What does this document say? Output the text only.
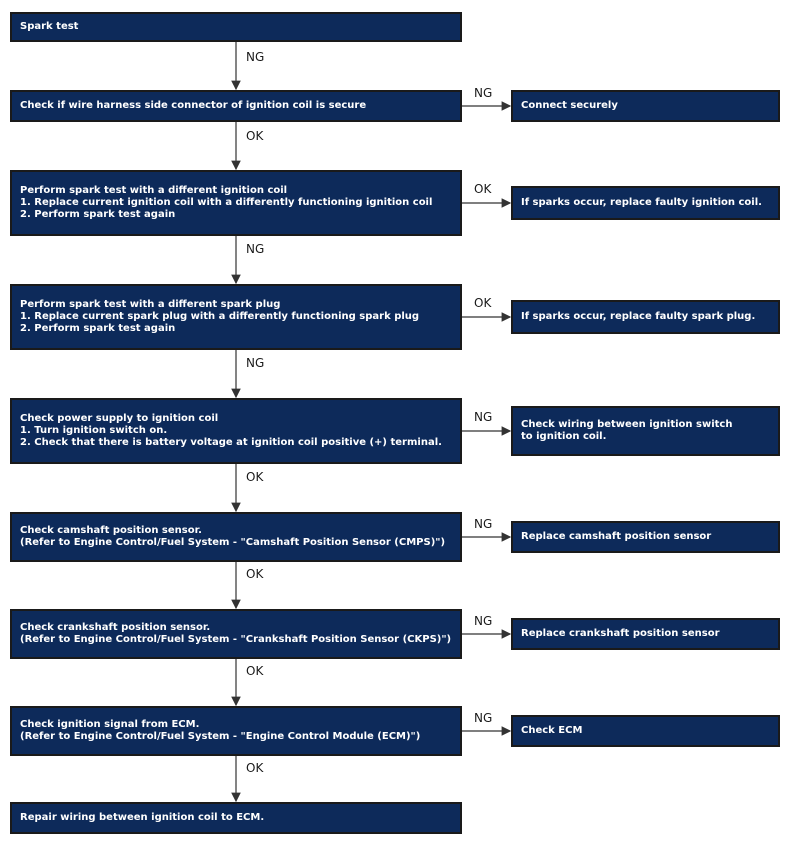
Spark test
Check if wire harness side connector of ignition coil is secure
Perform spark test with a different ignition coil
1. Replace current ignition coil with a differently functioning ignition coil
2. Perform spark test again
Perform spark test with a different spark plug
1. Replace current spark plug with a differently functioning spark plug
2. Perform spark test again
Check power supply to ignition coil
1. Turn ignition switch on.
2. Check that there is battery voltage at ignition coil positive (+) terminal.
Check camshaft position sensor.
(Refer to Engine Control/Fuel System - "Camshaft Position Sensor (CMPS)")
Check crankshaft position sensor.
(Refer to Engine Control/Fuel System - "Crankshaft Position Sensor (CKPS)")
Check ignition signal from ECM.
(Refer to Engine Control/Fuel System - "Engine Control Module (ECM)")
Repair wiring between ignition coil to ECM.
Connect securely
If sparks occur, replace faulty ignition coil.
If sparks occur, replace faulty spark plug.
Check wiring between ignition switch
to ignition coil.
Replace camshaft position sensor
Replace crankshaft position sensor
Check ECM
NG
OK
NG
NG
OK
OK
OK
OK
NG
OK
OK
NG
NG
NG
NG
